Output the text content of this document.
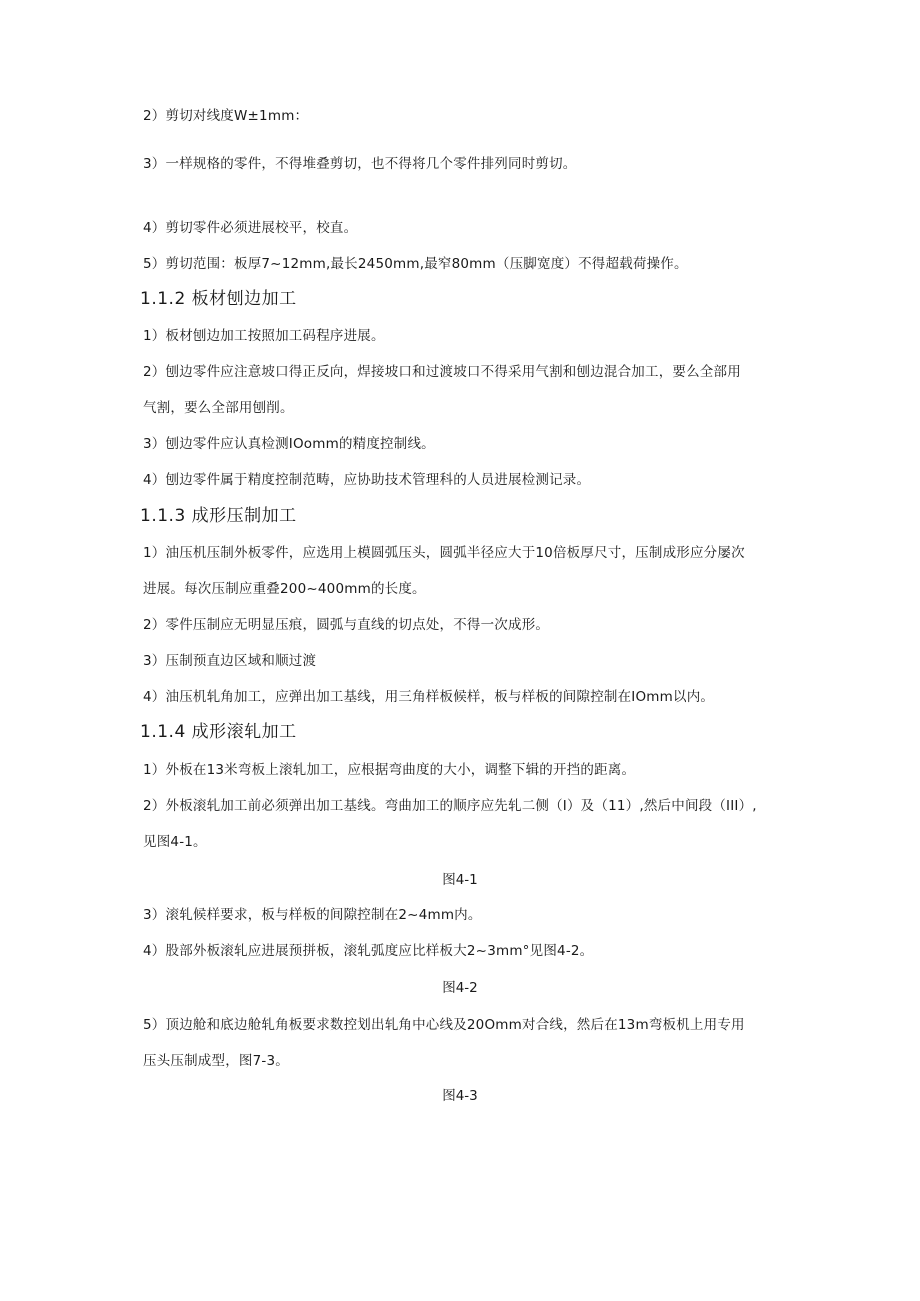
2）剪切对线度W±1mm：
3）一样规格的零件，不得堆叠剪切，也不得将几个零件排列同时剪切。
4）剪切零件必须进展校平，校直。
5）剪切范围：板厚7~12mm,最长2450mm,最窄80mm（压脚宽度）不得超载荷操作。
1.1.2 板材刨边加工
1）板材刨边加工按照加工码程序进展。
2）刨边零件应注意坡口得正反向，焊接坡口和过渡坡口不得采用气割和刨边混合加工，要么全部用
气割，要么全部用刨削。
3）刨边零件应认真检测IOomm的精度控制线。
4）刨边零件属于精度控制范畴，应协助技术管理科的人员进展检测记录。
1.1.3 成形压制加工
1）油压机压制外板零件，应选用上模圆弧压头，圆弧半径应大于10倍板厚尺寸，压制成形应分屡次
进展。每次压制应重叠200~400mm的长度。
2）零件压制应无明显压痕，圆弧与直线的切点处，不得一次成形。
3）压制预直边区域和顺过渡
4）油压机轧角加工，应弹出加工基线，用三角样板候样，板与样板的间隙控制在IOmm以内。
1.1.4 成形滚轧加工
1）外板在13米弯板上滚轧加工，应根据弯曲度的大小，调整下辑的开挡的距离。
2）外板滚轧加工前必须弹出加工基线。弯曲加工的顺序应先轧二侧（I）及（11）,然后中间段（III）,
见图4-1。
图4-1
3）滚轧候样要求，板与样板的间隙控制在2~4mm内。
4）股部外板滚轧应进展预拼板，滚轧弧度应比样板大2~3mm°见图4-2。
图4-2
5）顶边舱和底边舱轧角板要求数控划出轧角中心线及20Omm对合线，然后在13m弯板机上用专用
压头压制成型，图7-3。
图4-3
